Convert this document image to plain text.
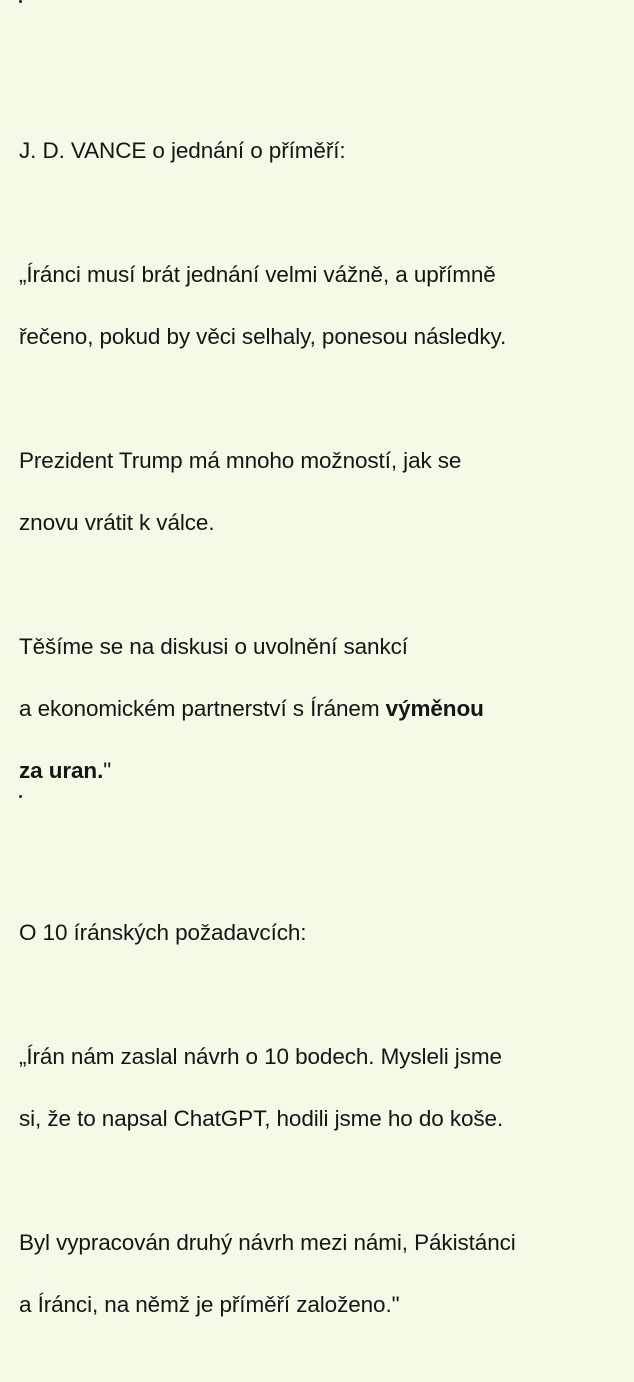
J. D. VANCE o jednání o příměří:

„Íránci musí brát jednání velmi vážně, a upřímně

řečeno, pokud by věci selhaly, ponesou následky.

Prezident Trump má mnoho možností, jak se

znovu vrátit k válce.

Těšíme se na diskusi o uvolnění sankcí

a ekonomickém partnerství s Íránem výměnou

za uran."

O 10 íránských požadavcích:

„Írán nám zaslal návrh o 10 bodech. Mysleli jsme

si, že to napsal ChatGPT, hodili jsme ho do koše.

Byl vypracován druhý návrh mezi námi, Pákistánci

a Íránci, na němž je příměří založeno."
